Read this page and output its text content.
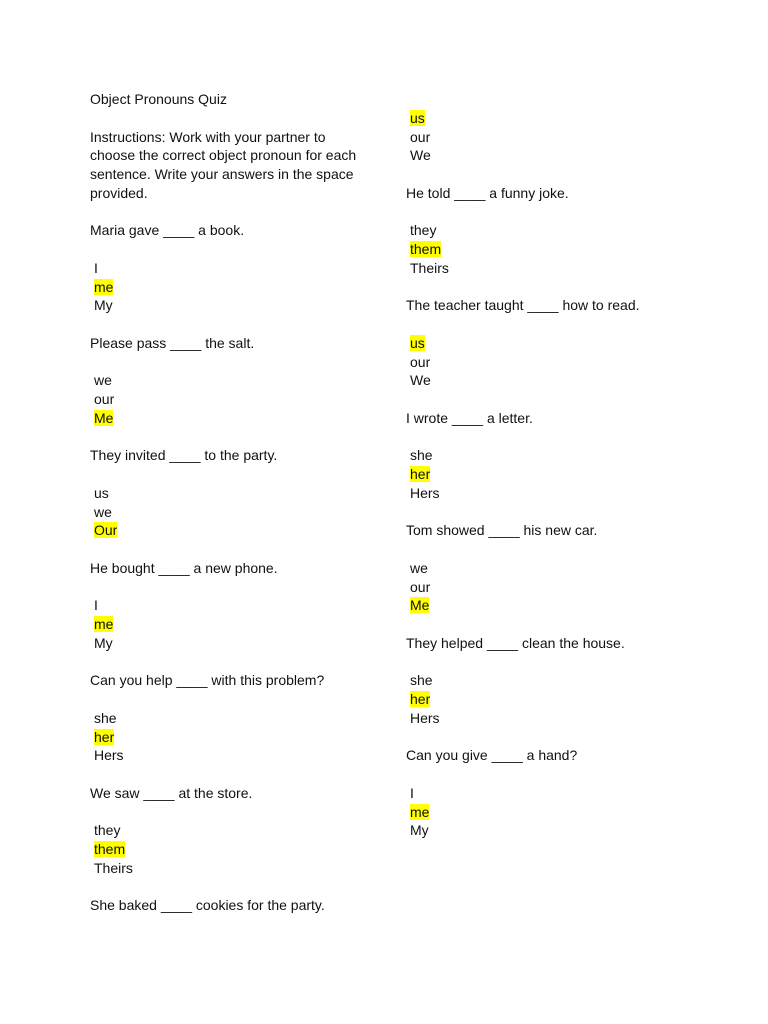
Object Pronouns Quiz
Instructions: Work with your partner to
choose the correct object pronoun for each
sentence. Write your answers in the space
provided.
Maria gave ____ a book.
I
me
My
Please pass ____ the salt.
we
our
Me
They invited ____ to the party.
us
we
Our
He bought ____ a new phone.
I
me
My
Can you help ____ with this problem?
she
her
Hers
We saw ____ at the store.
they
them
Theirs
She baked ____ cookies for the party.
us
our
We
He told ____ a funny joke.
they
them
Theirs
The teacher taught ____ how to read.
us
our
We
I wrote ____ a letter.
she
her
Hers
Tom showed ____ his new car.
we
our
Me
They helped ____ clean the house.
she
her
Hers
Can you give ____ a hand?
I
me
My
